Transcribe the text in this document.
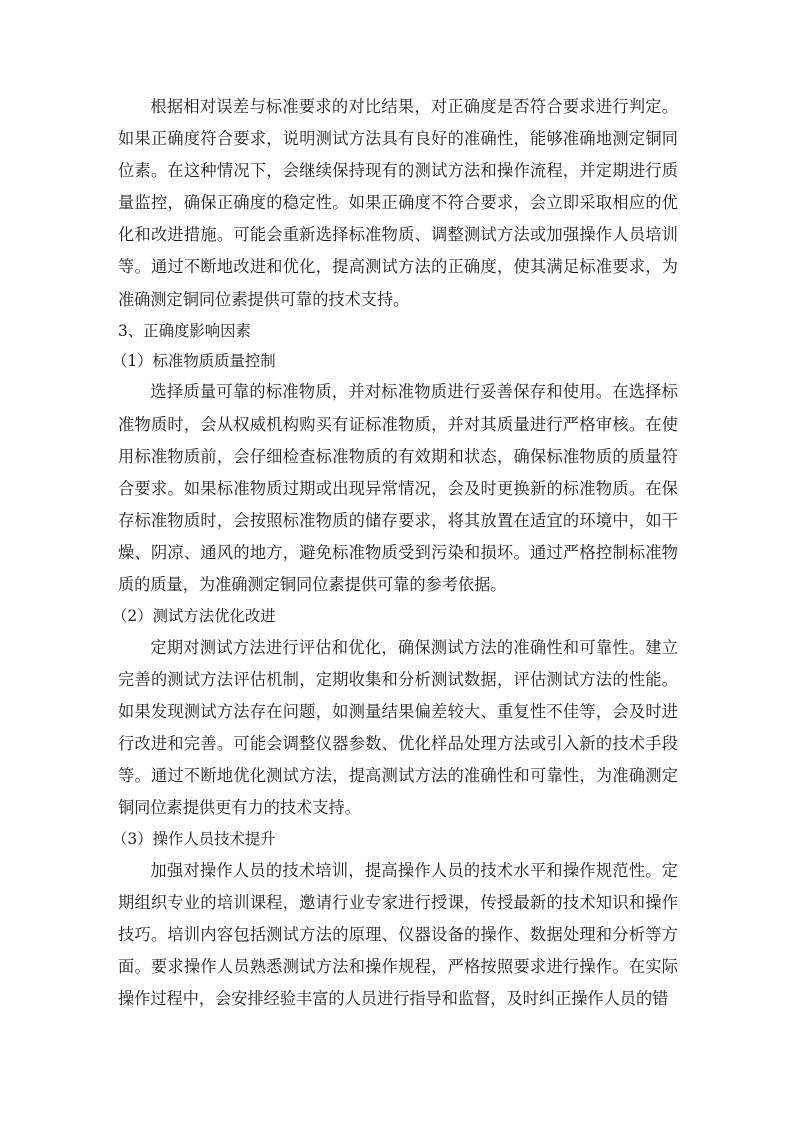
根据相对误差与标准要求的对比结果，对正确度是否符合要求进行判定。如果正确度符合要求，说明测试方法具有良好的准确性，能够准确地测定铜同位素。在这种情况下，会继续保持现有的测试方法和操作流程，并定期进行质量监控，确保正确度的稳定性。如果正确度不符合要求，会立即采取相应的优化和改进措施。可能会重新选择标准物质、调整测试方法或加强操作人员培训等。通过不断地改进和优化，提高测试方法的正确度，使其满足标准要求，为准确测定铜同位素提供可靠的技术支持。

3、正确度影响因素

（1）标准物质质量控制

选择质量可靠的标准物质，并对标准物质进行妥善保存和使用。在选择标准物质时，会从权威机构购买有证标准物质，并对其质量进行严格审核。在使用标准物质前，会仔细检查标准物质的有效期和状态，确保标准物质的质量符合要求。如果标准物质过期或出现异常情况，会及时更换新的标准物质。在保存标准物质时，会按照标准物质的储存要求，将其放置在适宜的环境中，如干燥、阴凉、通风的地方，避免标准物质受到污染和损坏。通过严格控制标准物质的质量，为准确测定铜同位素提供可靠的参考依据。

（2）测试方法优化改进

定期对测试方法进行评估和优化，确保测试方法的准确性和可靠性。建立完善的测试方法评估机制，定期收集和分析测试数据，评估测试方法的性能。如果发现测试方法存在问题，如测量结果偏差较大、重复性不佳等，会及时进行改进和完善。可能会调整仪器参数、优化样品处理方法或引入新的技术手段等。通过不断地优化测试方法，提高测试方法的准确性和可靠性，为准确测定铜同位素提供更有力的技术支持。

（3）操作人员技术提升

加强对操作人员的技术培训，提高操作人员的技术水平和操作规范性。定期组织专业的培训课程，邀请行业专家进行授课，传授最新的技术知识和操作技巧。培训内容包括测试方法的原理、仪器设备的操作、数据处理和分析等方面。要求操作人员熟悉测试方法和操作规程，严格按照要求进行操作。在实际操作过程中，会安排经验丰富的人员进行指导和监督，及时纠正操作人员的错
